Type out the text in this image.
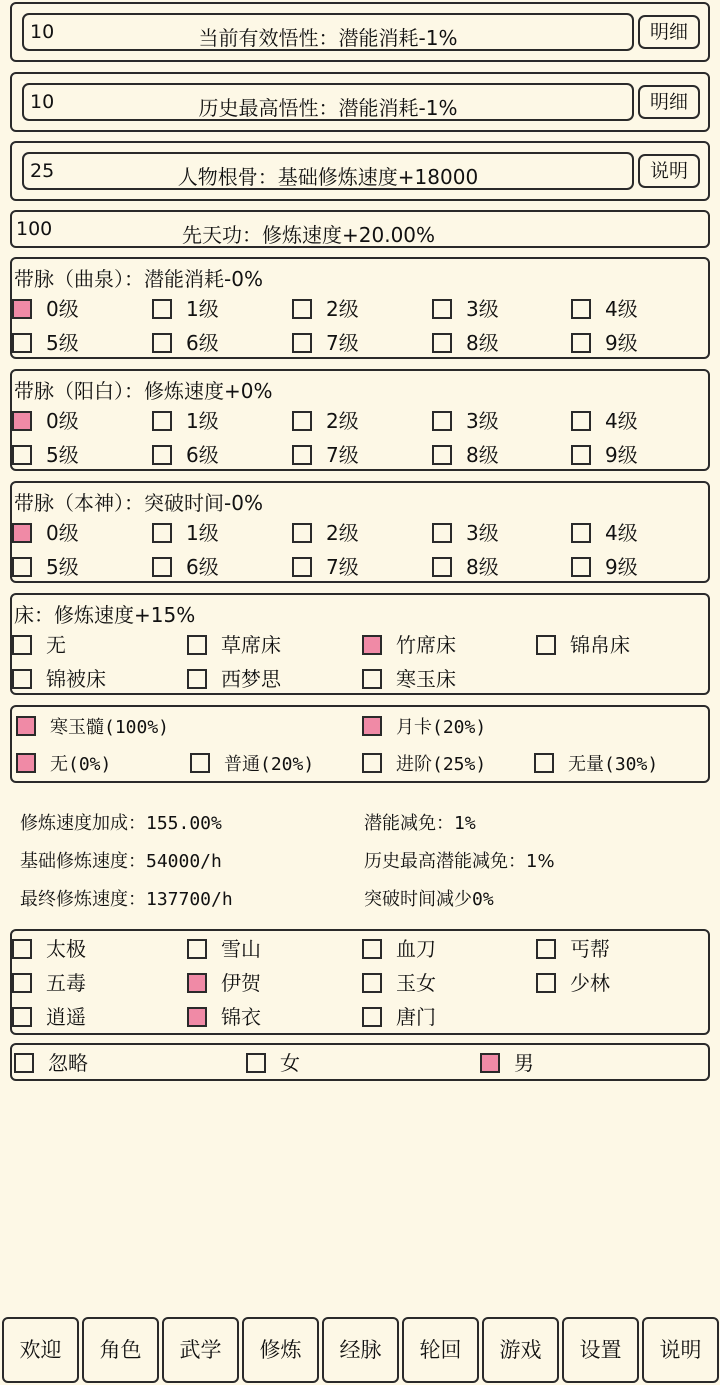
10	当前有效悟性：潜能消耗-1%	明细
10	历史最高悟性：潜能消耗-1%	明细
25	人物根骨：基础修炼速度+18000	说明
100	先天功：修炼速度+20.00%
带脉（曲泉）：潜能消耗-0%
0级	1级	2级	3级	4级
5级	6级	7级	8级	9级
带脉（阳白）：修炼速度+0%
0级	1级	2级	3级	4级
5级	6级	7级	8级	9级
带脉（本神）：突破时间-0%
0级	1级	2级	3级	4级
5级	6级	7级	8级	9级
床：修炼速度+15%
无	草席床	竹席床	锦帛床
锦被床	西梦思	寒玉床
寒玉髓(100%)	月卡(20%)
无(0%)	普通(20%)	进阶(25%)	无量(30%)
修炼速度加成：155.00%	潜能减免：1%
基础修炼速度：54000/h	历史最高潜能减免：1%
最终修炼速度：137700/h	突破时间减少0%
太极	雪山	血刀	丐帮
五毒	伊贺	玉女	少林
逍遥	锦衣	唐门
忽略	女	男
欢迎	角色	武学	修炼	经脉	轮回	游戏	设置	说明
